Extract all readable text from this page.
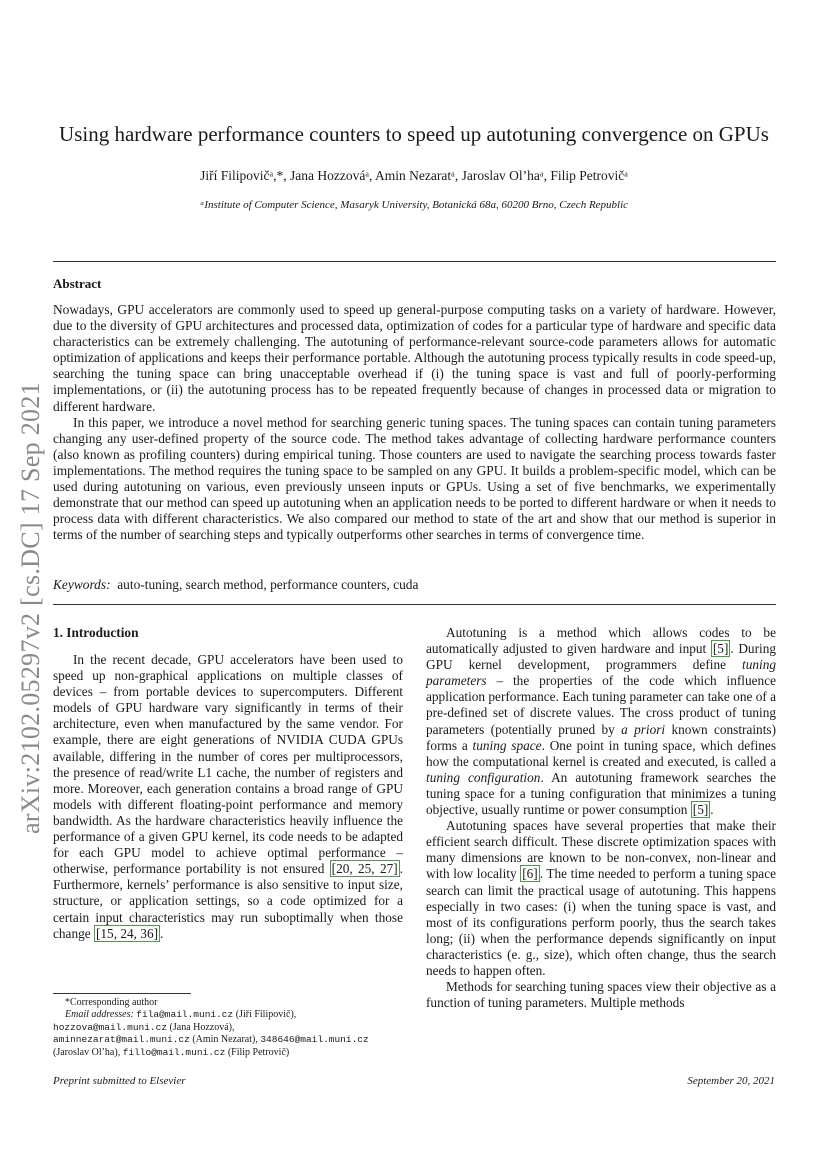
Using hardware performance counters to speed up autotuning convergence on GPUs
Jiří Filipovičᵃ,*, Jana Hozzováᵃ, Amin Nezaratᵃ, Jaroslav Ol’haᵃ, Filip Petrovičᵃ
ᵃInstitute of Computer Science, Masaryk University, Botanická 68a, 60200 Brno, Czech Republic
Abstract

Nowadays, GPU accelerators are commonly used to speed up general-purpose computing tasks on a variety of hardware. However, due to the diversity of GPU architectures and processed data, optimization of codes for a particular type of hardware and specific data characteristics can be extremely challenging. The autotuning of performance-relevant source-code parameters allows for automatic optimization of applications and keeps their performance portable. Although the autotuning process typically results in code speed-up, searching the tuning space can bring unacceptable overhead if (i) the tuning space is vast and full of poorly-performing implementations, or (ii) the autotuning process has to be repeated frequently because of changes in processed data or migration to different hardware.

In this paper, we introduce a novel method for searching generic tuning spaces. The tuning spaces can contain tuning parameters changing any user-defined property of the source code. The method takes advantage of collecting hardware performance counters (also known as profiling counters) during empirical tuning. Those counters are used to navigate the searching process towards faster implementations. The method requires the tuning space to be sampled on any GPU. It builds a problem-specific model, which can be used during autotuning on various, even previously unseen inputs or GPUs. Using a set of five benchmarks, we experimentally demonstrate that our method can speed up autotuning when an application needs to be ported to different hardware or when it needs to process data with different characteristics. We also compared our method to state of the art and show that our method is superior in terms of the number of searching steps and typically outperforms other searches in terms of convergence time.

Keywords: auto-tuning, search method, performance counters, cuda
arXiv:2102.05297v2 [cs.DC] 17 Sep 2021 1. Introduction

In the recent decade, GPU accelerators have been used to speed up non-graphical applications on multiple classes of devices – from portable devices to supercomputers. Different models of GPU hardware vary significantly in terms of their architecture, even when manufactured by the same vendor. For example, there are eight generations of NVIDIA CUDA GPUs available, differing in the number of cores per multiprocessors, the presence of read/write L1 cache, the number of registers and more. Moreover, each generation contains a broad range of GPU models with different floating-point performance and memory bandwidth. As the hardware characteristics heavily influence the performance of a given GPU kernel, its code needs to be adapted for each GPU model to achieve optimal performance – otherwise, performance portability is not ensured [20, 25, 27] . Furthermore, kernels’ performance is also sensitive to input size, structure, or application settings, so a code optimized for a certain input characteristics may run suboptimally when those change [15, 24, 36] .

Autotuning is a method which allows codes to be automatically adjusted to given hardware and input [5] . During GPU kernel development, programmers define tuning parameters – the properties of the code which influence application performance. Each tuning parameter can take one of a pre-defined set of discrete values. The cross product of tuning parameters (potentially pruned by a priori known constraints) forms a tuning space. One point in tuning space, which defines how the computational kernel is created and executed, is called a tuning configuration. An autotuning framework searches the tuning space for a tuning configuration that minimizes a tuning objective, usually runtime or power consumption [5] .

Autotuning spaces have several properties that make their efficient search difficult. These discrete optimization spaces with many dimensions are known to be non-convex, non-linear and with low locality [6] . The time needed to perform a tuning space search can limit the practical usage of autotuning. This happens especially in two cases: (i) when the tuning space is vast, and most of its configurations perform poorly, thus the search takes long; (ii) when the performance depends significantly on input characteristics (e. g., size), which often change, thus the search needs to happen often.

Methods for searching tuning spaces view their objective as a function of tuning parameters. Multiple methods

*Corresponding author
Email addresses: fila@mail.muni.cz (Jiří Filipovič),
hozzova@mail.muni.cz (Jana Hozzová),
aminnezarat@mail.muni.cz (Amin Nezarat), 348646@mail.muni.cz
(Jaroslav Ol’ha), fillo@mail.muni.cz (Filip Petrovič)
Preprint submitted to Elsevier	September 20, 2021
